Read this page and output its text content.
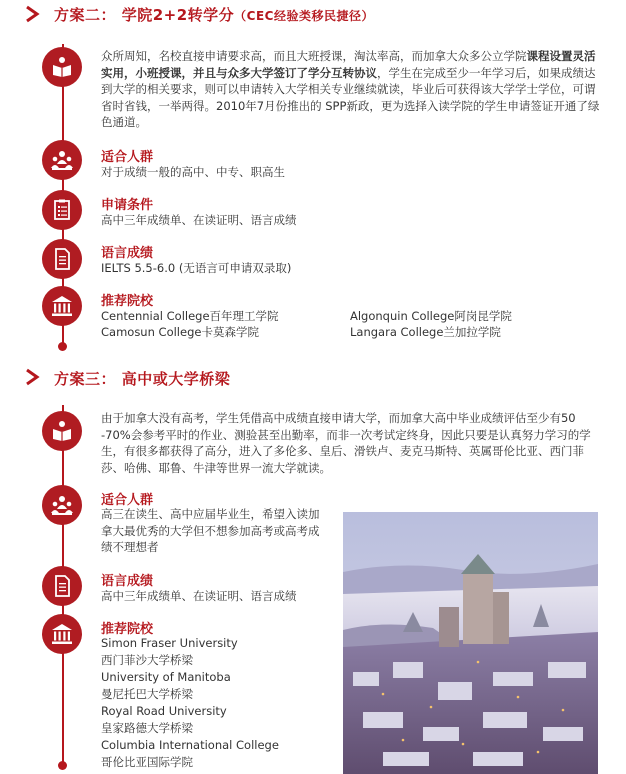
方案二： 学院2+2转学分（CEC经验类移民捷径）
众所周知，名校直接申请要求高，而且大班授课，淘汰率高，而加拿大众多公立学院课程设置灵活实用，小班授课，并且与众多大学签订了学分互转协议，学生在完成至少一年学习后，如果成绩达到大学的相关要求，则可以申请转入大学相关专业继续就读，毕业后可获得该大学学士学位，可谓省时省钱，一举两得。2010年7月份推出的 SPP新政，更为选择入读学院的学生申请签证开通了绿色通道。
适合人群
对于成绩一般的高中、中专、职高生
申请条件
高中三年成绩单、在读证明、语言成绩
语言成绩
IELTS 5.5-6.0 (无语言可申请双录取)
推荐院校
Centennial College百年理工学院	Algonquin College阿岗昆学院
Camosun College卡莫森学院	Langara College兰加拉学院
方案三： 高中或大学桥梁
由于加拿大没有高考，学生凭借高中成绩直接申请大学，而加拿大高中毕业成绩评估至少有50 -70%会参考平时的作业、测验甚至出勤率，而非一次考试定终身，因此只要是认真努力学习的学生，有很多都获得了高分，进入了多伦多、皇后、滑铁卢、麦克马斯特、英属哥伦比亚、西门菲莎、哈佛、耶鲁、牛津等世界一流大学就读。
适合人群
高三在读生、高中应届毕业生，希望入读加拿大最优秀的大学但不想参加高考或高考成绩不理想者
语言成绩
高中三年成绩单、在读证明、语言成绩
推荐院校
Simon Fraser University
西门菲沙大学桥梁
University of Manitoba
曼尼托巴大学桥梁
Royal Road University
皇家路德大学桥梁
Columbia International College
哥伦比亚国际学院
